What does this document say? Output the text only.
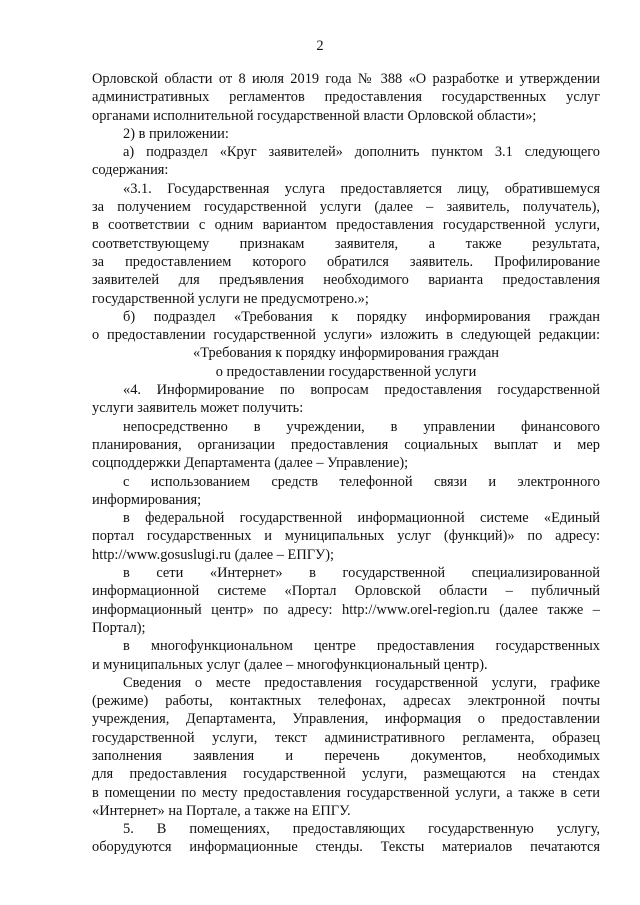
2
Орловской области от 8 июля 2019 года № 388 «О разработке и утверждении
административных регламентов предоставления государственных услуг
органами исполнительной государственной власти Орловской области»;
2) в приложении:
а) подраздел «Круг заявителей» дополнить пунктом 3.1 следующего
содержания:
«3.1. Государственная услуга предоставляется лицу, обратившемуся
за получением государственной услуги (далее – заявитель, получатель),
в соответствии с одним вариантом предоставления государственной услуги,
соответствующему признакам заявителя, а также результата,
за предоставлением которого обратился заявитель. Профилирование
заявителей для предъявления необходимого варианта предоставления
государственной услуги не предусмотрено.»;
б) подраздел «Требования к порядку информирования граждан
о предоставлении государственной услуги» изложить в следующей редакции:
«Требования к порядку информирования граждан
о предоставлении государственной услуги
«4. Информирование по вопросам предоставления государственной
услуги заявитель может получить:
непосредственно в учреждении, в управлении финансового
планирования, организации предоставления социальных выплат и мер
соцподдержки Департамента (далее – Управление);
с использованием средств телефонной связи и электронного
информирования;
в федеральной государственной информационной системе «Единый
портал государственных и муниципальных услуг (функций)» по адресу:
http://www.gosuslugi.ru (далее – ЕПГУ);
в сети «Интернет» в государственной специализированной
информационной системе «Портал Орловской области – публичный
информационный центр» по адресу: http://www.orel-region.ru (далее также –
Портал);
в многофункциональном центре предоставления государственных
и муниципальных услуг (далее – многофункциональный центр).
Сведения о месте предоставления государственной услуги, графике
(режиме) работы, контактных телефонах, адресах электронной почты
учреждения, Департамента, Управления, информация о предоставлении
государственной услуги, текст административного регламента, образец
заполнения заявления и перечень документов, необходимых
для предоставления государственной услуги, размещаются на стендах
в помещении по месту предоставления государственной услуги, а также в сети
«Интернет» на Портале, а также на ЕПГУ.
5. В помещениях, предоставляющих государственную услугу,
оборудуются информационные стенды. Тексты материалов печатаются
